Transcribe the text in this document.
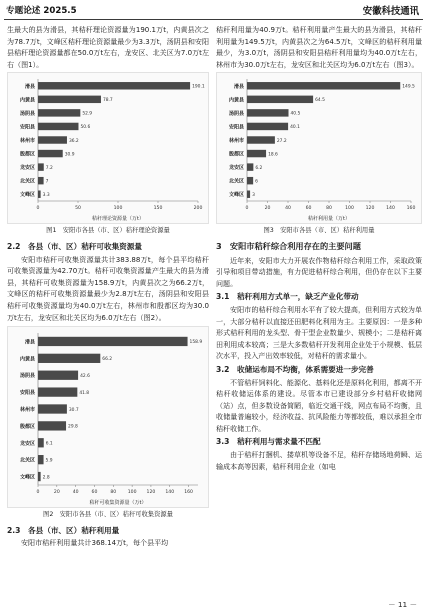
专题论述 2025.5	安徽科技通讯

生最大的县为滑县，其秸秆理论资源量为190.1万t，内黄县次之为78.7万t，文峰区秸秆理论资源量最少为3.3万t，汤阴县和安阳县秸秆理论资源量都在50.0万t左右，龙安区、北关区为7.0万t左右（图1）。

0	50	100	150	200
秸秆理论资源量（万t）
滑县	190.1
内黄县	78.7
汤阴县	52.9
安阳县	50.6
林州市	36.2
殷都区	30.9
龙安区 7.2
北关区 7
文峰区 3.3
图1　安阳市各县（市、区）秸秆理论资源量
2.2　各县（市、区）秸秆可收集资源量

安阳市秸秆可收集资源量共计383.88万t，每个县平均秸秆可收集资源量为42.70万t。秸秆可收集资源量产生最大的县为滑县，其秸秆可收集资源量为158.9万t，内黄县次之为66.2万t，文峰区的秸秆可收集资源量最少为2.8万t左右，汤阴县和安阳县秸秆可收集资源量均为40.0万t左右，林州市和殷都区均为30.0万t左右，龙安区和北关区均为6.0万t左右（图2）。

0	20	40	60	80	100 120 140 160
秸秆可收集资源量（万t）
滑县	158.9
内黄县	66.2
汤阴县	42.6
安阳县	41.8
林州市	30.7
殷都区	29.8
龙安区 6.1
北关区 5.9
文峰区 2.8
图2　安阳市各县（市、区）秸秆可收集资源量
2.3　各县（市、区）秸秆利用量

安阳市秸秆利用量共计368.14万t，每个县平均

秸秆利用量为40.9万t。秸秆利用量产生最大的县为滑县，其秸秆利用量为149.5万t，内黄县次之为64.5万t，文峰区的秸秆利用量最少，为3.0万t，汤阴县和安阳县秸秆利用量均为40.0万t左右，林州市为30.0万t左右，龙安区和北关区均为6.0万t左右（图3）。

0	20	40	60	80	100	120	140	160
秸秆利用量（万t）
滑县	149.5
内黄县	64.5
汤阴县	40.5
安阳县	40.1
林州市	27.2
殷都区	18.6
龙安区	6.2
北关区	6
文峰区 3
图3　安阳市各县（市、区）秸秆利用量
3　安阳市秸秆综合利用存在的主要问题

近年来，安阳市大力开展农作物秸秆综合利用工作，采取政策引导和项目带动措施，有力促进秸秆综合利用，但仍存在以下主要问题。

3.1　秸秆利用方式单一，缺乏产业化带动

安阳市的秸秆综合利用水平有了较大提高，但利用方式较为单一，大部分秸秆以直接还田肥料化利用为主。主要原因：一是多种形式秸秆利用的龙头型、骨干型企业数量少、规模小；二是秸秆离田利用成本较高；三是大多数秸秆开发利用企业处于小规模、低层次水平，投入产出效率较低，对秸秆的需求量小。

3.2　收储运布局不均衡，体系需要进一步完善

不管秸秆饲料化、能源化、基料化还是原料化利用，都离不开秸秆收储运体系的建设。尽管本市已建设部分乡村秸秆收储网（站）点，但多数设备简陋，临近交通干线，网点布局不均衡，且收储量普遍较小，经济收益、抗风险能力等都较低，难以承担全市秸秆收储工作。

3.3　秸秆利用与需求量不匹配

由于秸秆打捆机、搂草机等设备不足，秸秆存储场地荷瞬、运输成本高等因素，秸秆利用企业（如电

－ 11 －
